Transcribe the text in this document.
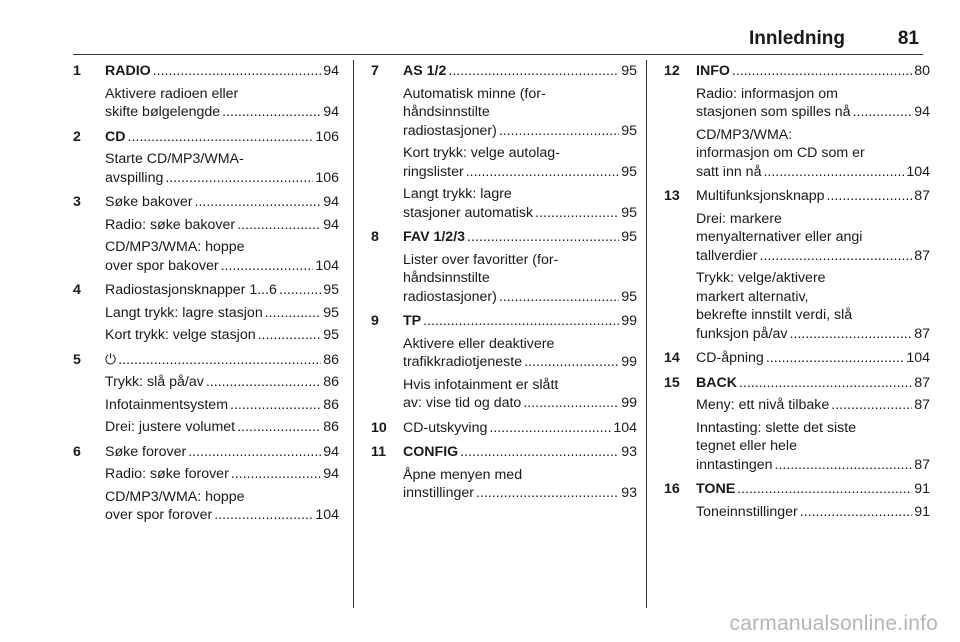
Innledning	81
1	RADIO .....	94
Aktivere radioen eller
skifte bølgelengde .....	94
2	CD .....	106
Starte CD/MP3/WMA-
avspilling .....	106
3	Søke bakover .....	94
Radio: søke bakover .....	94
CD/MP3/WMA: hoppe
over spor bakover .....	104
4	Radiostasjonsknapper 1...6 .....	95
Langt trykk: lagre stasjon .....	95
Kort trykk: velge stasjon .....	95
5	⏻ .....	86
Trykk: slå på/av .....	86
Infotainmentsystem .....	86
Drei: justere volumet .....	86
6	Søke forover .....	94
Radio: søke forover .....	94
CD/MP3/WMA: hoppe
over spor forover .....	104
7	AS 1/2 .....	95
Automatisk minne (for-
håndsinnstilte
radiostasjoner) .....	95
Kort trykk: velge autolag-
ringslister .....	95
Langt trykk: lagre
stasjoner automatisk .....	95
8	FAV 1/2/3 .....	95
Lister over favoritter (for-
håndsinnstilte
radiostasjoner) .....	95
9	TP .....	99
Aktivere eller deaktivere
trafikkradiotjeneste .....	99
Hvis infotainment er slått
av: vise tid og dato .....	99
10	CD-utskyving .....	104
11	CONFIG .....	93
Åpne menyen med
innstillinger .....	93
12	INFO .....	80
Radio: informasjon om
stasjonen som spilles nå .....	94
CD/MP3/WMA:
informasjon om CD som er
satt inn nå .....	104
13	Multifunksjonsknapp .....	87
Drei: markere
menyalternativer eller angi
tallverdier .....	87
Trykk: velge/aktivere
markert alternativ,
bekrefte innstilt verdi, slå
funksjon på/av .....	87
14	CD-åpning .....	104
15	BACK .....	87
Meny: ett nivå tilbake .....	87
Inntasting: slette det siste
tegnet eller hele
inntastingen .....	87
16	TONE .....	91
Toneinnstillinger .....	91
carmanualsonline.info
